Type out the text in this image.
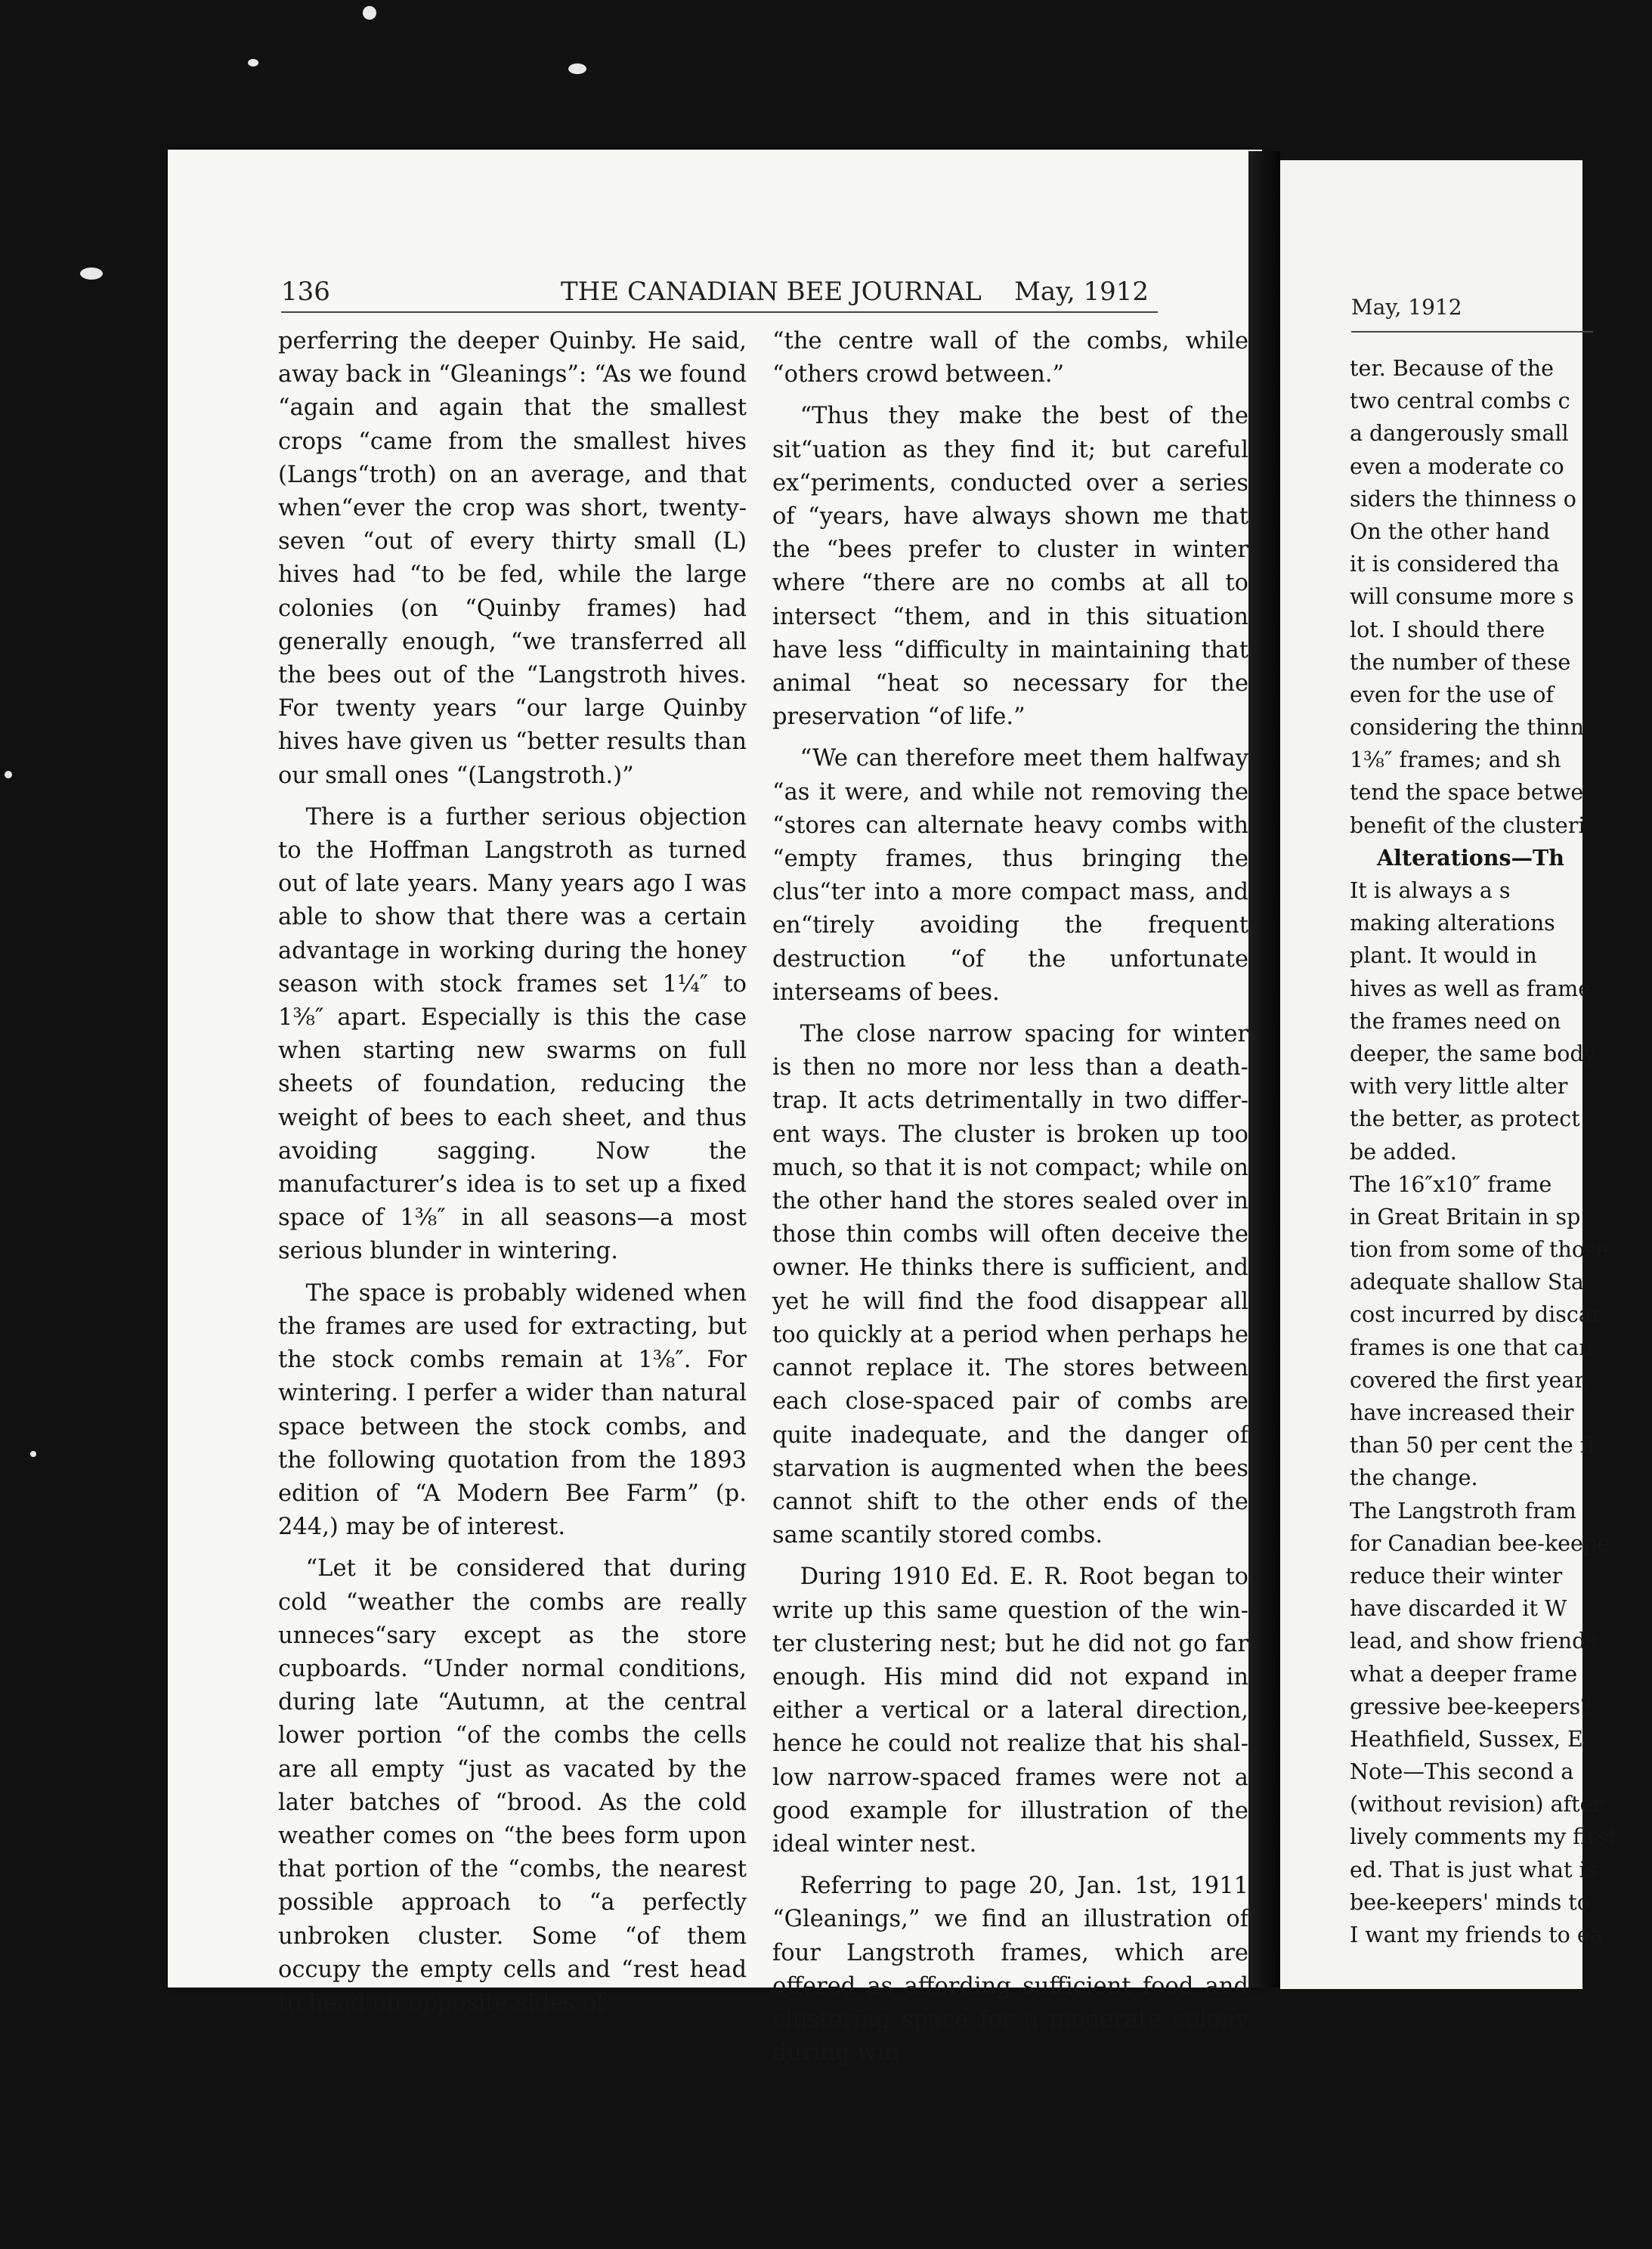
136	THE CANADIAN BEE JOURNAL May, 1912

perferring the deeper Quinby. He said, away back in “Gleanings”: “As we found “again and again that the smallest crops “came from the smallest hives (Langs“troth) on an average, and that when“ever the crop was short, twenty-seven “out of every thirty small (L) hives had “to be fed, while the large colonies (on “Quinby frames) had generally enough, “we transferred all the bees out of the “Langstroth hives. For twenty years “our large Quinby hives have given us “better results than our small ones “(Langstroth.)”

There is a further serious objection to the Hoffman Langstroth as turned out of late years. Many years ago I was able to show that there was a certain advantage in working during the honey season with stock frames set 1¼″ to 1⅜″ apart. Especially is this the case when starting new swarms on full sheets of foundation, reducing the weight of bees to each sheet, and thus avoiding sagging. Now the manufacturer’s idea is to set up a fixed space of 1⅜″ in all seasons—a most serious blunder in wintering.

The space is probably widened when the frames are used for extracting, but the stock combs remain at 1⅜″. For wintering. I perfer a wider than natural space between the stock combs, and the following quotation from the 1893 edition of “A Modern Bee Farm” (p. 244,) may be of interest.

“Let it be considered that during cold “weather the combs are really unneces“sary except as the store cupboards. “Under normal conditions, during late “Autumn, at the central lower portion “of the combs the cells are all empty “just as vacated by the later batches of “brood. As the cold weather comes on “the bees form upon that portion of the “combs, the nearest possible approach to “a perfectly unbroken cluster. Some “of them occupy the empty cells and “rest head to head on opposite sides of

“the centre wall of the combs, while “others crowd between.”

“Thus they make the best of the sit“uation as they find it; but careful ex“periments, conducted over a series of “years, have always shown me that the “bees prefer to cluster in winter where “there are no combs at all to intersect “them, and in this situation have less “difficulty in maintaining that animal “heat so necessary for the preservation “of life.”

“We can therefore meet them halfway “as it were, and while not removing the “stores can alternate heavy combs with “empty frames, thus bringing the clus“ter into a more compact mass, and en“tirely avoiding the frequent destruction “of the unfortunate interseams of bees.

The close narrow spacing for winter is then no more nor less than a death-trap. It acts detrimentally in two different ways. The cluster is broken up too much, so that it is not compact; while on the other hand the stores sealed over in those thin combs will often deceive the owner. He thinks there is sufficient, and yet he will find the food disappear all too quickly at a period when perhaps he cannot replace it. The stores between each close-spaced pair of combs are quite inadequate, and the danger of starvation is augmented when the bees cannot shift to the other ends of the same scantily stored combs.

During 1910 Ed. E. R. Root began to write up this same question of the winter clustering nest; but he did not go far enough. His mind did not expand in either a vertical or a lateral direction, hence he could not realize that his shallow narrow-spaced frames were not a good example for illustration of the ideal winter nest.

Referring to page 20, Jan. 1st, 1911 “Gleanings,” we find an illustration of four Langstroth frames, which are offered as affording sufficient food and clustering space for a moderate colony during win

May, 1912
ter. Because of the
two central combs c
a dangerously small
even a moderate co
siders the thinness o
On the other hand
it is considered tha
will consume more s
lot. I should there
the number of these
even for the use of
considering the thinn
1⅜″ frames; and sh
tend the space betwe
benefit of the clusteri
Alterations—Th
It is always a s
making alterations
plant. It would in
hives as well as frame
the frames need on
deeper, the same body
with very little alter
the better, as protect
be added.
The 16″x10″ frame
in Great Britain in sp
tion from some of those
adequate shallow Sta
cost incurred by discar
frames is one that can
covered the first year.
have increased their
than 50 per cent the fi
the change.
The Langstroth fram
for Canadian bee-keepe
reduce their winter
have discarded it W
lead, and show friends
what a deeper frame
gressive bee-keepers?
Heathfield, Sussex, E
Note—This second a
(without revision) after
lively comments my first
ed. That is just what is
bee-keepers' minds to
I want my friends to ea
